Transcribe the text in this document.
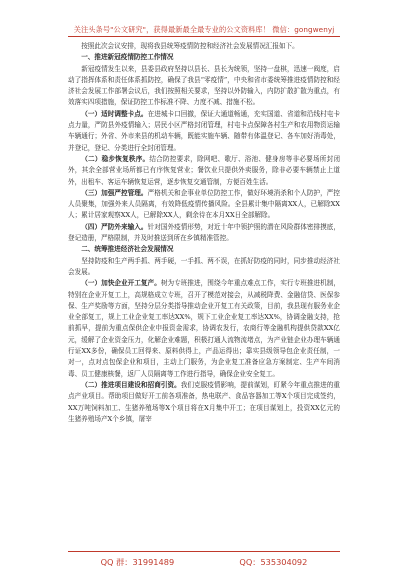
关注头条号"公文研究"，获得最新最全最专业的公文资料库！ 微信：gongwenyj

按照此次会议安排，现将我县统筹疫情防控和经济社会发展情况汇报如下。

一、推进新冠疫情防控工作情况

新冠疫情发生以来，县委县政府坚持以县长、县长为统领，坚持一盘棋，迅速一阀度，启动了指挥体系和责任体系抓防控，确保了我县“零疫情”，中央和省市委统筹推进疫情防控和经济社会发展工作部署会议后，我们按照相关要求，坚持以外防输入，内防扩散扩散为重点，有效落实四项措施，保证防控工作标准不降、力度不减、措施不松。

（一）适时调整卡点。在进城卡口回撤，保证大通道畅通，充实国道、省道和沿线村屯卡点力量，严防县外疫情输入；居民小区严格封闭管理，村屯卡点保障各村生产和农用物资运输车辆通行；外省、外市来县的机动车辆，既能实施车辆、随带有体温登记、各车加好消毒处，并登记，登记、分类进行全封闭管理。

（二）稳步恢复秩序。结合防控要求，除网吧、歌厅、浴池、健身房等非必要场所封闭外，其余全部营业场所都已有序恢复营业；餐饮业只提供外卖服务，除非必要车辆禁止上道外，出租车、客运车辆恢复运营，逐步恢复交通管制，方便百姓生活。

（三）加强严控管理。严格机关和企事业单位防控工作，做好环境消杀和个人防护，严控人员聚集，加强外来人员隔离，有效降低疫情传播风险。全县累计集中隔离XX人，已解除XX人；累计居家观察XX人，已解除XX人，剩余待在本月XX日全部解除。

（四）严防外来输入。针对国外疫情形势，对近十年中领护照的潜在风险群体密排摸底，登记造册，严格限制，并及时推送到所在乡镇精准管控。

二、统筹推进经济社会发展情况

坚持防疫和生产两手抓、两手硬，一手抓、两不误，在抓好防疫的同时，同步推动经济社会发展。

（一）加快企业开工复产。树为专班推进，围绕今年重点难点工作，实行专班推进机制，特别在企业开复工上，高规格成立专班，召开了模范对接会，从减税降费、金融信贷、医保参保、生产奖励等方面，坚持分层分类指导推动企业开复工有关政策，目前，我县现有服务业企业全部复工，规上工业企业复工率达XX%，规下工业企业复工率达XX%，协调金融支持，抢前抓早，提前为重点保供企业申报资金需求，协调农发行，农商行等金融机构提供贷款XX亿元，缓解了企业资金压力，化解企业难题，积极打通人流物流堵点，为产业链企业办理车辆通行证XX多份，确保员工回得来、原料供得上，产品运得出；靠实县级领导包企业责任制，一对一，点对点包保企业和项目，主动上门服务，为企业复工准备应急方案制定、生产车间消毒、员工健康核餐，返厂人员隔离等工作进行指导，确保企业安全复工。

（二）推进项目建设和招商引资。我们克服疫情影响，提前谋划，盯紧今年重点推进的重点产业项目。帮助项目做好开工前各项准备，热电联产、食品容器加工等X个项目完成签约，XX万吨饲料加工、生猪养殖场等X个项目将在X月集中开工；在项目谋划上，投资XX亿元的生猪养殖场产X个乡镇，屠宰

QQ 群：31991489	QQ：535304092
